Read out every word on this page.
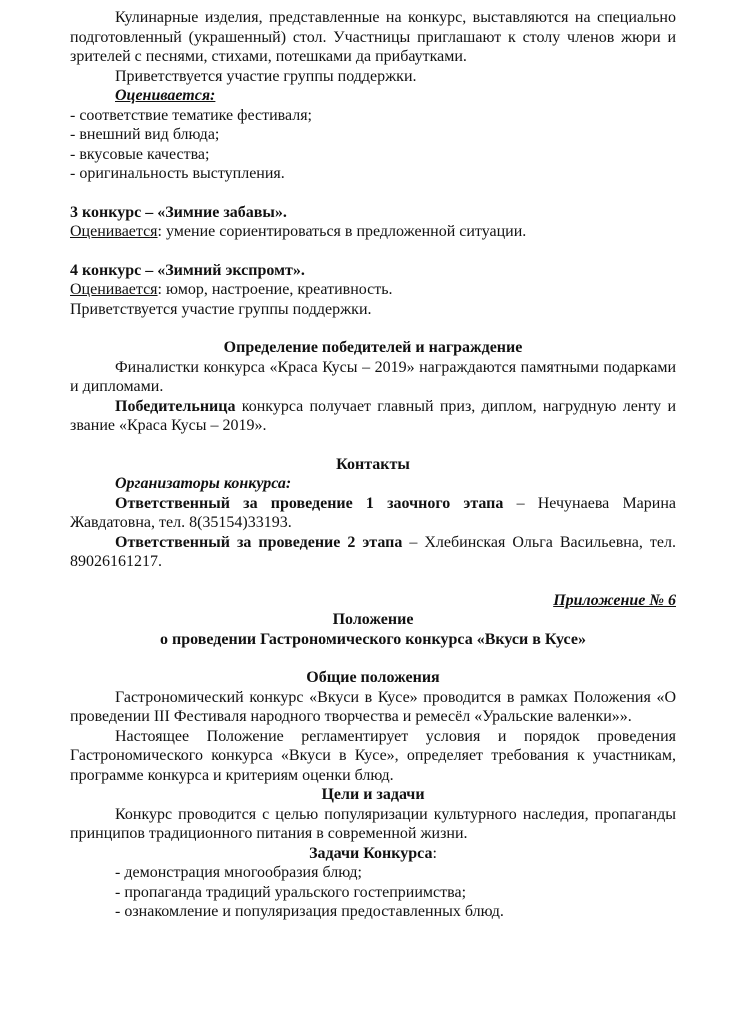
Кулинарные изделия, представленные на конкурс, выставляются на специально подготовленный (украшенный) стол. Участницы приглашают к столу членов жюри и зрителей с песнями, стихами, потешками да прибаутками.

Приветствуется участие группы поддержки.

Оценивается:

- соответствие тематике фестиваля;

- внешний вид блюда;

- вкусовые качества;

- оригинальность выступления.

3 конкурс – «Зимние забавы».

Оценивается: умение сориентироваться в предложенной ситуации.

4 конкурс – «Зимний экспромт».

Оценивается: юмор, настроение, креативность.

Приветствуется участие группы поддержки.

Определение победителей и награждение

Финалистки конкурса «Краса Кусы – 2019» награждаются памятными подарками и дипломами.

Победительница конкурса получает главный приз, диплом, нагрудную ленту и звание «Краса Кусы – 2019».

Контакты

Организаторы конкурса:

Ответственный за проведение 1 заочного этапа – Нечунаева Марина Жавдатовна, тел. 8(35154)33193.

Ответственный за проведение 2 этапа – Хлебинская Ольга Васильевна, тел. 89026161217.

Приложение № 6

Положение

о проведении Гастрономического конкурса «Вкуси в Кусе»

Общие положения

Гастрономический конкурс «Вкуси в Кусе» проводится в рамках Положения «О проведении III Фестиваля народного творчества и ремесёл «Уральские валенки»».

Настоящее Положение регламентирует условия и порядок проведения Гастрономического конкурса «Вкуси в Кусе», определяет требования к участникам, программе конкурса и критериям оценки блюд.

Цели и задачи

Конкурс проводится с целью популяризации культурного наследия, пропаганды принципов традиционного питания в современной жизни.

Задачи Конкурса:

- демонстрация многообразия блюд;

- пропаганда традиций уральского гостеприимства;

- ознакомление и популяризация предоставленных блюд.
